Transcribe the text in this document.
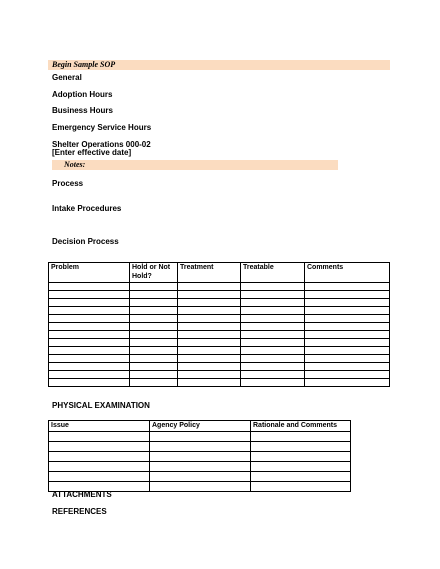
Begin Sample SOP
General
Adoption Hours
Business Hours
Emergency Service Hours
Shelter Operations 000-02
[Enter effective date]
Notes:
Process
Intake Procedures
Decision Process
Problem	Hold or Not Hold?	Treatment	Treatable	Comments

PHYSICAL EXAMINATION
Issue	Agency Policy	Rationale and Comments

ATTACHMENTS
REFERENCES
